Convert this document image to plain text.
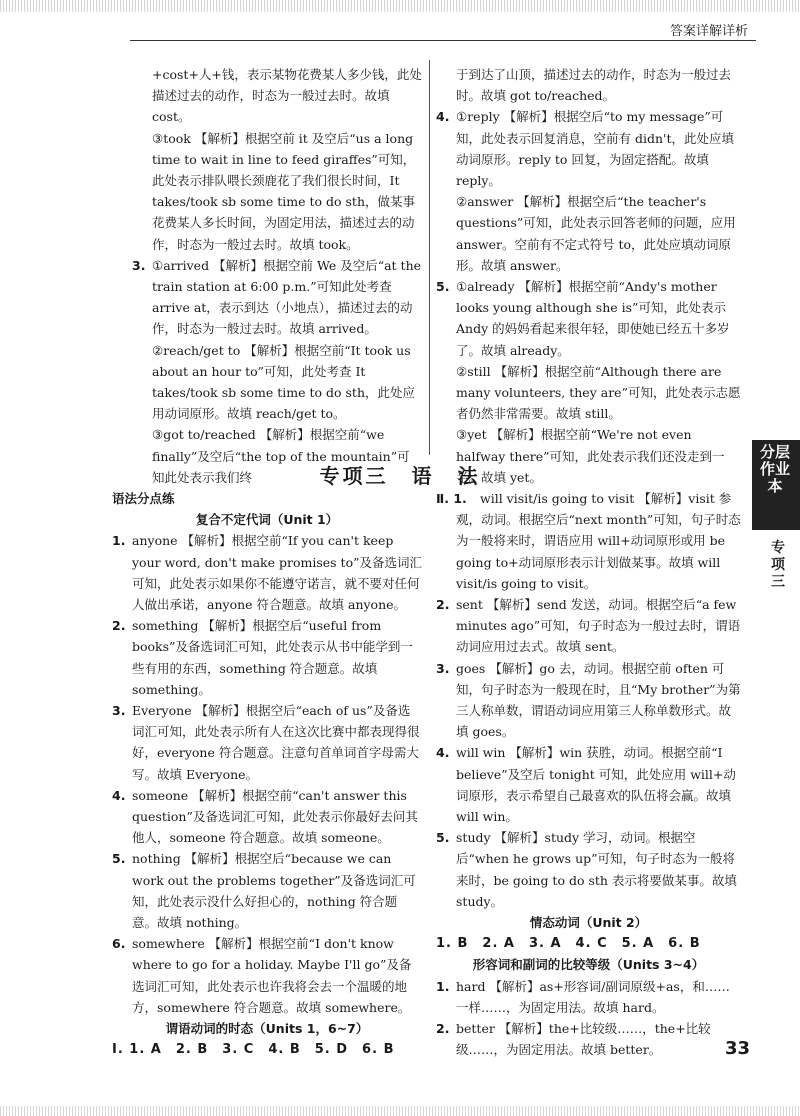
答案详解详析

+cost+人+钱，表示某物花费某人多少钱，此处描述过去的动作，时态为一般过去时。故填 cost。

③took 【解析】根据空前 it 及空后“us a long time to wait in line to feed giraffes”可知，此处表示排队喂长颈鹿花了我们很长时间，It takes/took sb some time to do sth，做某事花费某人多长时间，为固定用法，描述过去的动作，时态为一般过去时。故填 took。

3. ①arrived 【解析】根据空前 We 及空后“at the train station at 6:00 p.m.”可知此处考查 arrive at，表示到达（小地点），描述过去的动作，时态为一般过去时。故填 arrived。

②reach/get to 【解析】根据空前“It took us about an hour to”可知，此处考查 It takes/took sb some time to do sth，此处应用动词原形。故填 reach/get to。

③got to/reached 【解析】根据空前“we finally”及空后“the top of the mountain”可知此处表示我们终

于到达了山顶，描述过去的动作，时态为一般过去时。故填 got to/reached。

4. ①reply 【解析】根据空后“to my message”可知，此处表示回复消息，空前有 didn't，此处应填动词原形。reply to 回复，为固定搭配。故填 reply。

②answer 【解析】根据空后“the teacher's questions”可知，此处表示回答老师的问题，应用 answer。空前有不定式符号 to，此处应填动词原形。故填 answer。

5. ①already 【解析】根据空前“Andy's mother looks young although she is”可知，此处表示 Andy 的妈妈看起来很年轻，即使她已经五十多岁了。故填 already。

②still 【解析】根据空前“Although there are many volunteers, they are”可知，此处表示志愿者仍然非常需要。故填 still。

③yet 【解析】根据空前“We're not even halfway there”可知，此处表示我们还没走到一半。故填 yet。

专项三　语　法

语法分点练

复合不定代词（Unit 1）

1. anyone 【解析】根据空前“If you can't keep your word, don't make promises to”及备选词汇可知，此处表示如果你不能遵守诺言，就不要对任何人做出承诺，anyone 符合题意。故填 anyone。

2. something 【解析】根据空后“useful from books”及备选词汇可知，此处表示从书中能学到一些有用的东西，something 符合题意。故填 something。

3. Everyone 【解析】根据空后“each of us”及备选词汇可知，此处表示所有人在这次比赛中都表现得很好，everyone 符合题意。注意句首单词首字母需大写。故填 Everyone。

4. someone 【解析】根据空前“can't answer this question”及备选词汇可知，此处表示你最好去问其他人，someone 符合题意。故填 someone。

5. nothing 【解析】根据空后“because we can work out the problems together”及备选词汇可知，此处表示没什么好担心的，nothing 符合题意。故填 nothing。

6. somewhere 【解析】根据空前“I don't know where to go for a holiday. Maybe I'll go”及备选词汇可知，此处表示也许我将会去一个温暖的地方，somewhere 符合题意。故填 somewhere。

谓语动词的时态（Units 1，6~7）

Ⅰ. 1. A　2. B　3. C　4. B　5. D　6. B

Ⅱ. 1. will visit/is going to visit 【解析】visit 参观，动词。根据空后“next month”可知，句子时态为一般将来时，谓语应用 will+动词原形或用 be going to+动词原形表示计划做某事。故填 will visit/is going to visit。

2. sent 【解析】send 发送，动词。根据空后“a few minutes ago”可知，句子时态为一般过去时，谓语动词应用过去式。故填 sent。

3. goes 【解析】go 去，动词。根据空前 often 可知，句子时态为一般现在时，且“My brother”为第三人称单数，谓语动词应用第三人称单数形式。故填 goes。

4. will win 【解析】win 获胜，动词。根据空前“I believe”及空后 tonight 可知，此处应用 will+动词原形，表示希望自己最喜欢的队伍将会赢。故填 will win。

5. study 【解析】study 学习，动词。根据空后“when he grows up”可知，句子时态为一般将来时，be going to do sth 表示将要做某事。故填 study。

情态动词（Unit 2）

1. B　2. A　3. A　4. C　5. A　6. B

形容词和副词的比较等级（Units 3~4）

1. hard 【解析】as+形容词/副词原级+as，和……一样……，为固定用法。故填 hard。

2. better 【解析】the+比较级……，the+比较级……，为固定用法。故填 better。

分层作业本
专项三
33
